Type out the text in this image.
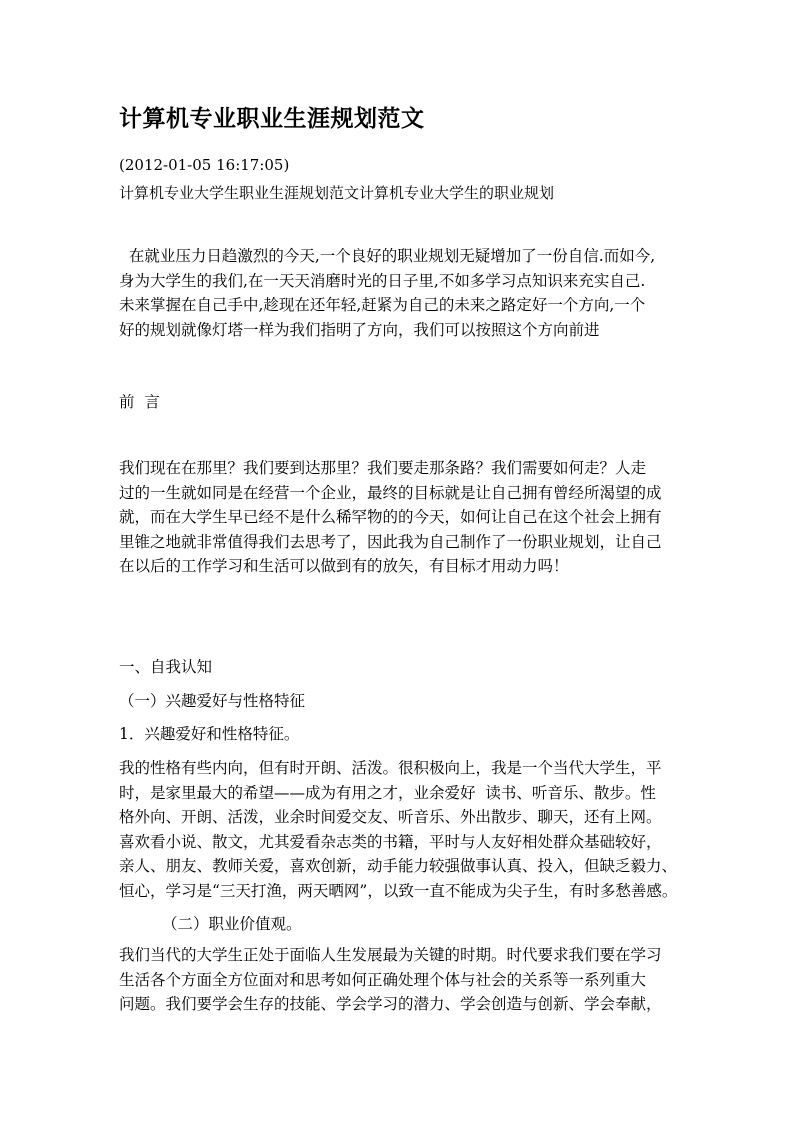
计算机专业职业生涯规划范文
(2012-01-05 16:17:05)
计算机专业大学生职业生涯规划范文计算机专业大学生的职业规划
在就业压力日趋激烈的今天,一个良好的职业规划无疑增加了一份自信.而如今,
身为大学生的我们,在一天天消磨时光的日子里,不如多学习点知识来充实自己.
未来掌握在自己手中,趁现在还年轻,赶紧为自己的未来之路定好一个方向,一个
好的规划就像灯塔一样为我们指明了方向，我们可以按照这个方向前进
前  言
我们现在在那里？我们要到达那里？我们要走那条路？我们需要如何走？人走
过的一生就如同是在经营一个企业，最终的目标就是让自己拥有曾经所渴望的成
就，而在大学生早已经不是什么稀罕物的的今天，如何让自己在这个社会上拥有
里锥之地就非常值得我们去思考了，因此我为自己制作了一份职业规划，让自己
在以后的工作学习和生活可以做到有的放矢，有目标才用动力吗！
一、自我认知
（一）兴趣爱好与性格特征
1．兴趣爱好和性格特征。
我的性格有些内向，但有时开朗、活泼。很积极向上，我是一个当代大学生，平
时，是家里最大的希望——成为有用之才，业余爱好  读书、听音乐、散步。性
格外向、开朗、活泼，业余时间爱交友、听音乐、外出散步、聊天，还有上网。
喜欢看小说、散文，尤其爱看杂志类的书籍，平时与人友好相处群众基础较好，
亲人、朋友、教师关爱，喜欢创新，动手能力较强做事认真、投入，但缺乏毅力、
恒心，学习是“三天打渔，两天晒网”，以致一直不能成为尖子生，有时多愁善感。
（二）职业价值观。
我们当代的大学生正处于面临人生发展最为关键的时期。时代要求我们要在学习
生活各个方面全方位面对和思考如何正确处理个体与社会的关系等一系列重大
问题。我们要学会生存的技能、学会学习的潜力、学会创造与创新、学会奉献，
